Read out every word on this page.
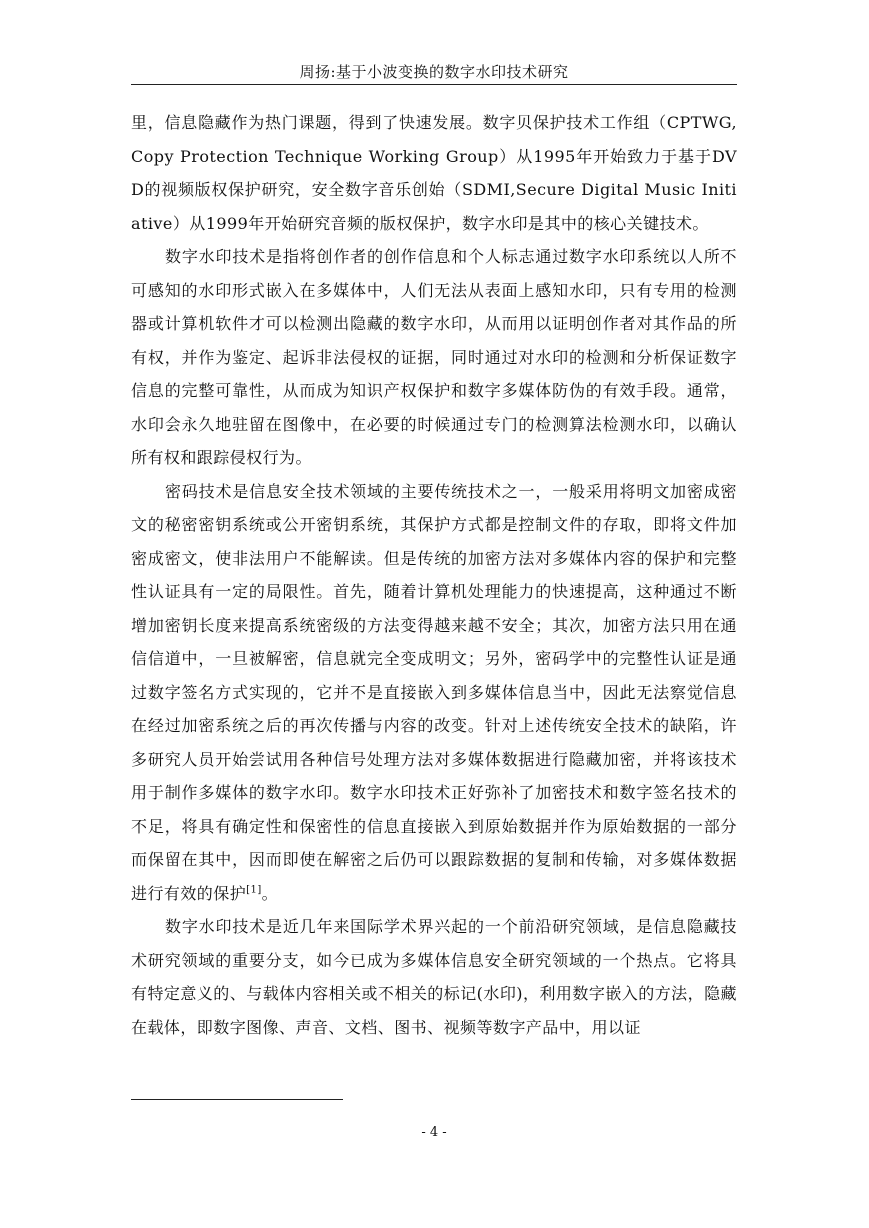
周扬:基于小波变换的数字水印技术研究

里，信息隐藏作为热门课题，得到了快速发展。数字贝保护技术工作组（CPTWG,Copy Protection Technique Working Group）从1995年开始致力于基于DVD的视频版权保护研究，安全数字音乐创始（SDMI,Secure Digital Music Initiative）从1999年开始研究音频的版权保护，数字水印是其中的核心关键技术。

数字水印技术是指将创作者的创作信息和个人标志通过数字水印系统以人所不可感知的水印形式嵌入在多媒体中，人们无法从表面上感知水印，只有专用的检测器或计算机软件才可以检测出隐藏的数字水印，从而用以证明创作者对其作品的所有权，并作为鉴定、起诉非法侵权的证据，同时通过对水印的检测和分析保证数字信息的完整可靠性，从而成为知识产权保护和数字多媒体防伪的有效手段。通常，水印会永久地驻留在图像中，在必要的时候通过专门的检测算法检测水印，以确认所有权和跟踪侵权行为。

密码技术是信息安全技术领域的主要传统技术之一，一般采用将明文加密成密文的秘密密钥系统或公开密钥系统，其保护方式都是控制文件的存取，即将文件加密成密文，使非法用户不能解读。但是传统的加密方法对多媒体内容的保护和完整性认证具有一定的局限性。首先，随着计算机处理能力的快速提高，这种通过不断增加密钥长度来提高系统密级的方法变得越来越不安全；其次，加密方法只用在通信信道中，一旦被解密，信息就完全变成明文；另外，密码学中的完整性认证是通过数字签名方式实现的，它并不是直接嵌入到多媒体信息当中，因此无法察觉信息在经过加密系统之后的再次传播与内容的改变。针对上述传统安全技术的缺陷，许多研究人员开始尝试用各种信号处理方法对多媒体数据进行隐藏加密，并将该技术用于制作多媒体的数字水印。数字水印技术正好弥补了加密技术和数字签名技术的不足，将具有确定性和保密性的信息直接嵌入到原始数据并作为原始数据的一部分而保留在其中，因而即使在解密之后仍可以跟踪数据的复制和传输，对多媒体数据进行有效的保护[1]。

数字水印技术是近几年来国际学术界兴起的一个前沿研究领域，是信息隐藏技术研究领域的重要分支，如今已成为多媒体信息安全研究领域的一个热点。它将具有特定意义的、与载体内容相关或不相关的标记(水印)，利用数字嵌入的方法，隐藏在载体，即数字图像、声音、文档、图书、视频等数字产品中，用以证

- 4 -
